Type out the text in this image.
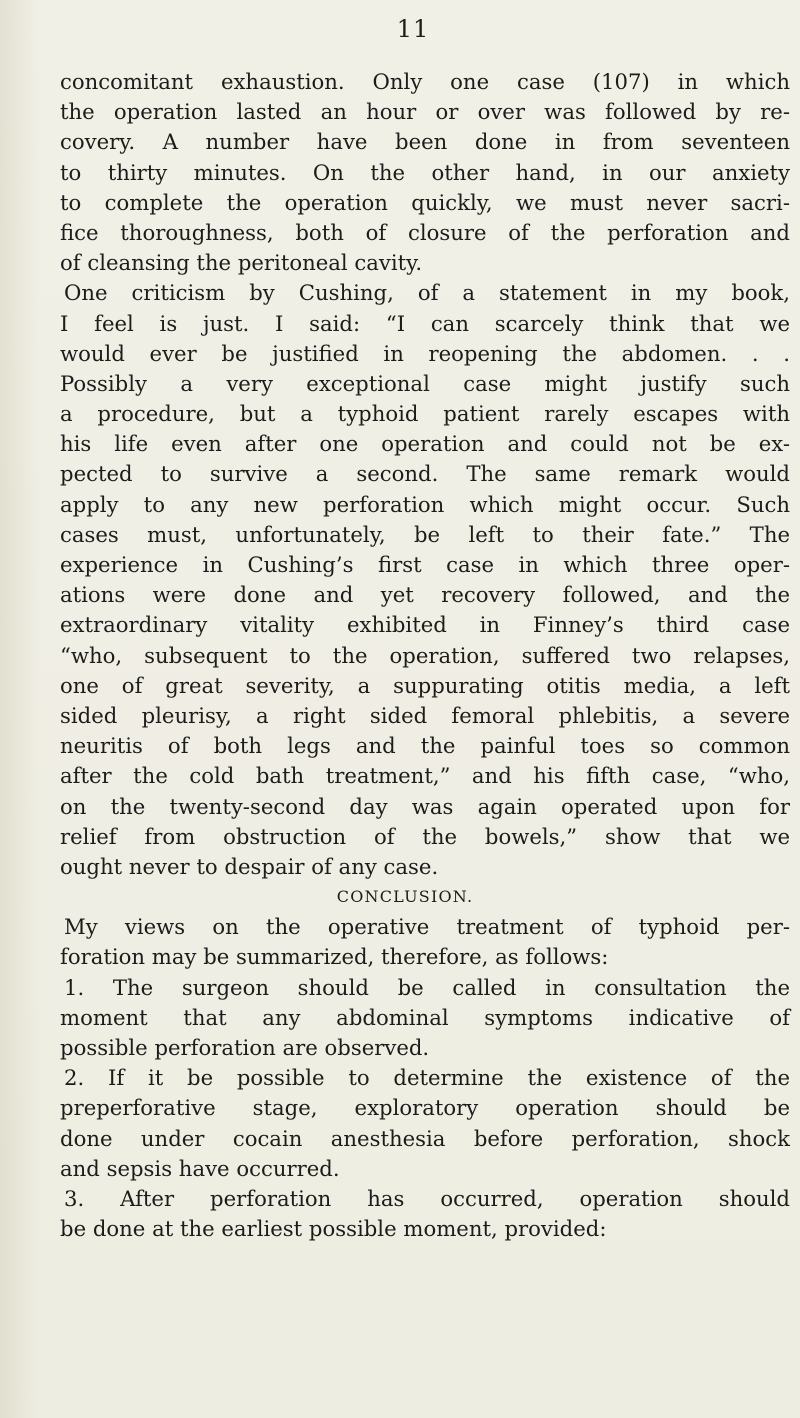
11
concomitant exhaustion. Only one case (107) in which
the operation lasted an hour or over was followed by re-
covery. A number have been done in from seventeen
to thirty minutes. On the other hand, in our anxiety
to complete the operation quickly, we must never sacri-
fice thoroughness, both of closure of the perforation and
of cleansing the peritoneal cavity.
One criticism by Cushing, of a statement in my book,
I feel is just. I said: “I can scarcely think that we
would ever be justified in reopening the abdomen. . .
Possibly a very exceptional case might justify such
a procedure, but a typhoid patient rarely escapes with
his life even after one operation and could not be ex-
pected to survive a second. The same remark would
apply to any new perforation which might occur. Such
cases must, unfortunately, be left to their fate.” The
experience in Cushing’s first case in which three oper-
ations were done and yet recovery followed, and the
extraordinary vitality exhibited in Finney’s third case
“who, subsequent to the operation, suffered two relapses,
one of great severity, a suppurating otitis media, a left
sided pleurisy, a right sided femoral phlebitis, a severe
neuritis of both legs and the painful toes so common
after the cold bath treatment,” and his fifth case, “who,
on the twenty-second day was again operated upon for
relief from obstruction of the bowels,” show that we
ought never to despair of any case.
CONCLUSION.
My views on the operative treatment of typhoid per-
foration may be summarized, therefore, as follows:
1. The surgeon should be called in consultation the
moment that any abdominal symptoms indicative of
possible perforation are observed.
2. If it be possible to determine the existence of the
preperforative stage, exploratory operation should be
done under cocain anesthesia before perforation, shock
and sepsis have occurred.
3. After perforation has occurred, operation should
be done at the earliest possible moment, provided:
